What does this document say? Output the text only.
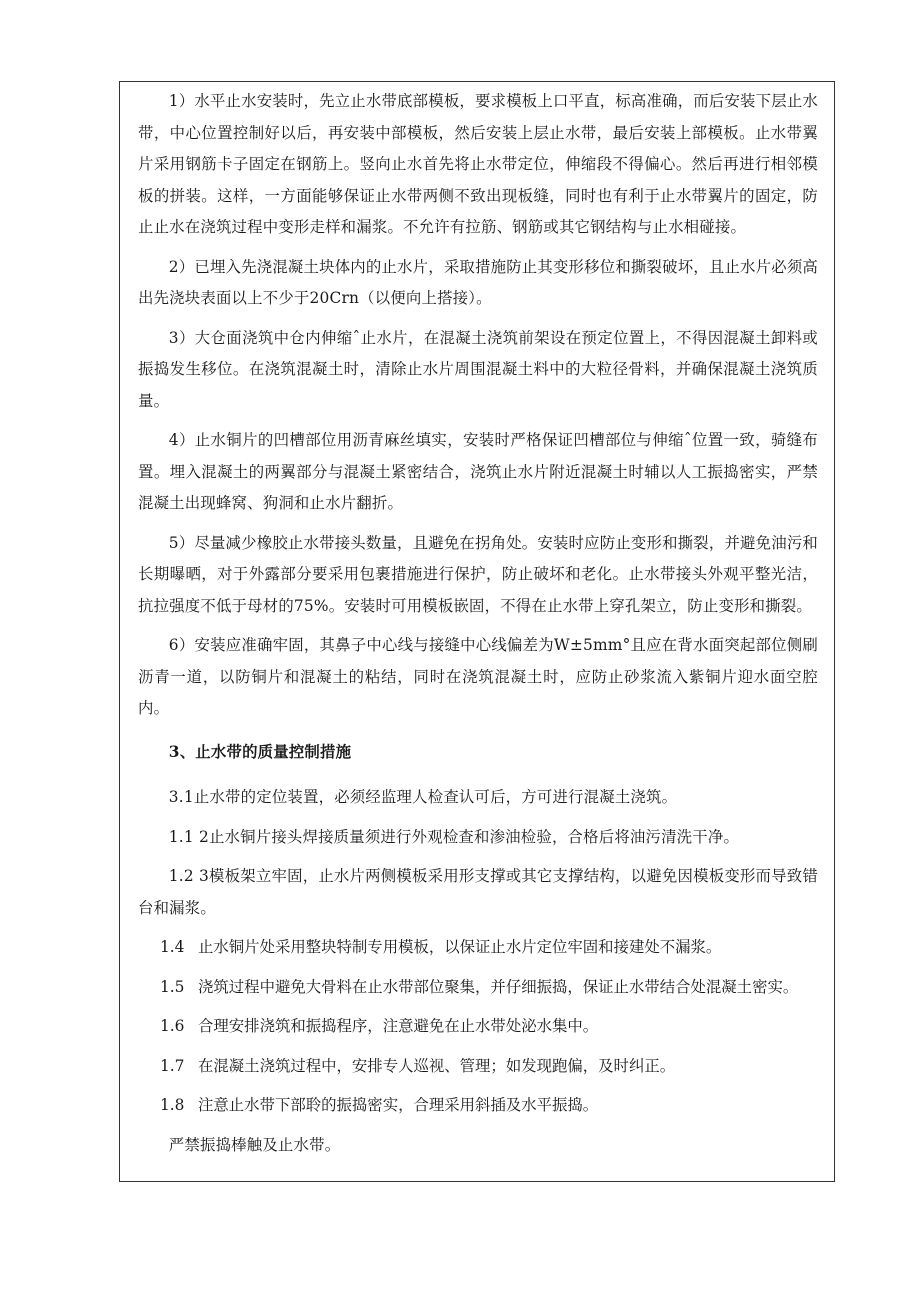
1）水平止水安装时，先立止水带底部模板，要求模板上口平直，标高准确，而后安装下层止水带，中心位置控制好以后，再安装中部模板，然后安装上层止水带，最后安装上部模板。止水带翼片采用钢筋卡子固定在钢筋上。竖向止水首先将止水带定位，伸缩段不得偏心。然后再进行相邻模板的拼装。这样，一方面能够保证止水带两侧不致出现板缝，同时也有利于止水带翼片的固定，防止止水在浇筑过程中变形走样和漏浆。不允许有拉筋、钢筋或其它钢结构与止水相碰接。

2）已埋入先浇混凝土块体内的止水片，采取措施防止其变形移位和撕裂破坏，且止水片必须高出先浇块表面以上不少于20Crn（以便向上搭接）。

3）大仓面浇筑中仓内伸缩ˆ止水片，在混凝土浇筑前架设在预定位置上，不得因混凝土卸料或振捣发生移位。在浇筑混凝土时，清除止水片周围混凝土料中的大粒径骨料，并确保混凝土浇筑质量。

4）止水铜片的凹槽部位用沥青麻丝填实，安装时严格保证凹槽部位与伸缩ˆ位置一致，骑缝布置。埋入混凝土的两翼部分与混凝土紧密结合，浇筑止水片附近混凝土时辅以人工振捣密实，严禁混凝土出现蜂窝、狗洞和止水片翻折。

5）尽量减少橡胶止水带接头数量，且避免在拐角处。安装时应防止变形和撕裂，并避免油污和长期曝晒，对于外露部分要采用包裹措施进行保护，防止破坏和老化。止水带接头外观平整光洁，抗拉强度不低于母材的75%。安装时可用模板嵌固，不得在止水带上穿孔架立，防止变形和撕裂。

6）安装应准确牢固，其鼻子中心线与接缝中心线偏差为W±5mm°且应在背水面突起部位侧刷沥青一道，以防铜片和混凝土的粘结，同时在浇筑混凝土时，应防止砂浆流入紫铜片迎水面空腔内。

3、止水带的质量控制措施

3.1止水带的定位装置，必须经监理人检查认可后，方可进行混凝土浇筑。

1.1 2止水铜片接头焊接质量须进行外观检查和渗油检验，合格后将油污清洗干净。

1.2 3模板架立牢固，止水片两侧模板采用形支撑或其它支撑结构，以避免因模板变形而导致错台和漏浆。

1.4 止水铜片处采用整块特制专用模板，以保证止水片定位牢固和接建处不漏浆。
1.5 浇筑过程中避免大骨料在止水带部位聚集，并仔细振捣，保证止水带结合处混凝土密实。
1.6 合理安排浇筑和振捣程序，注意避免在止水带处泌水集中。
1.7 在混凝土浇筑过程中，安排专人巡视、管理；如发现跑偏，及时纠正。
1.8 注意止水带下部聆的振捣密实，合理采用斜插及水平振捣。

严禁振捣棒触及止水带。
